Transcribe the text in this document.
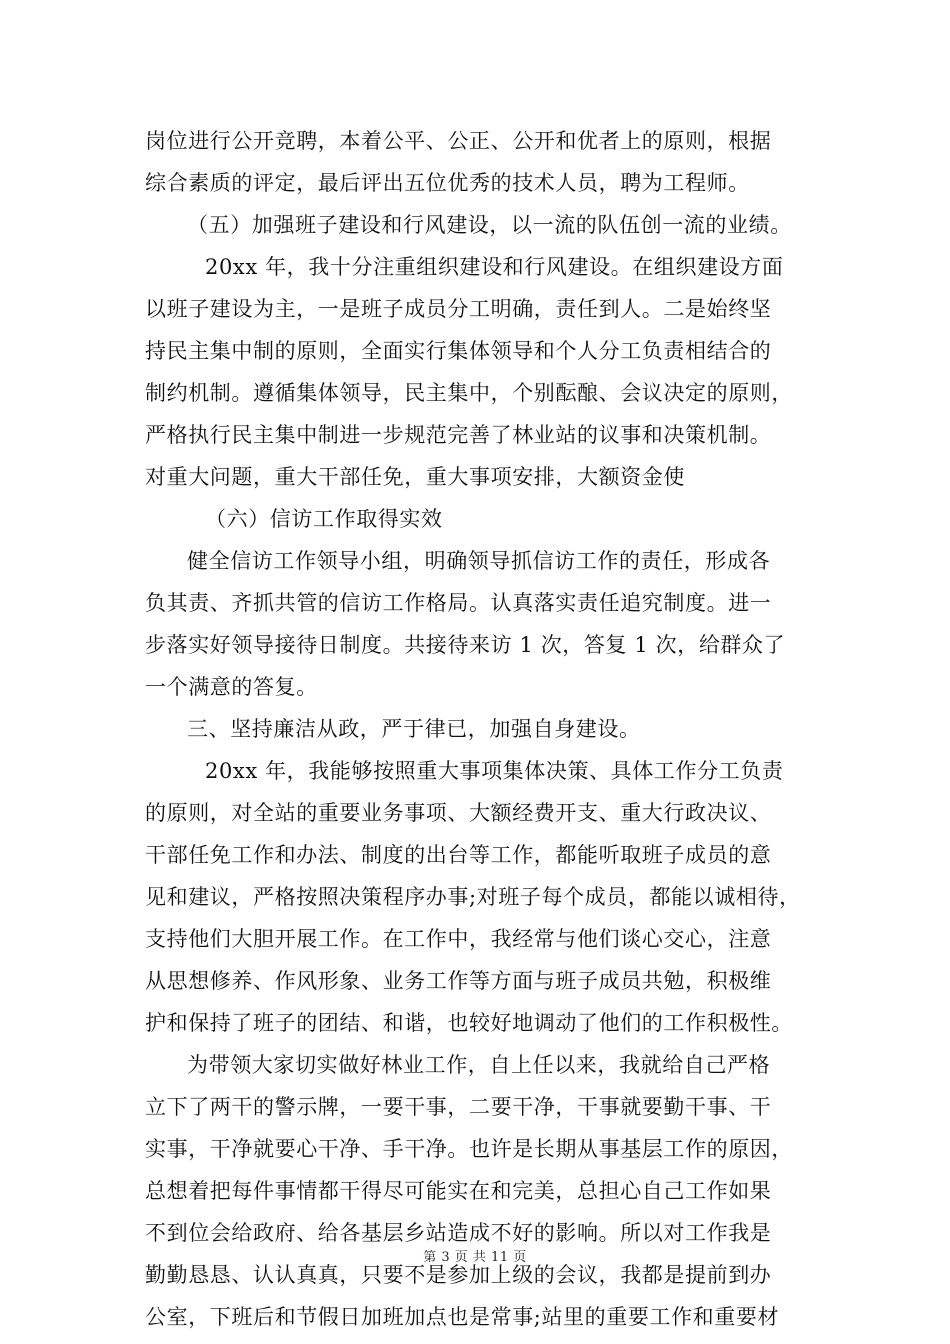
岗位进行公开竞聘，本着公平、公正、公开和优者上的原则，根据
综合素质的评定，最后评出五位优秀的技术人员，聘为工程师。
（五）加强班子建设和行风建设，以一流的队伍创一流的业绩。
20xx 年，我十分注重组织建设和行风建设。在组织建设方面
以班子建设为主，一是班子成员分工明确，责任到人。二是始终坚
持民主集中制的原则，全面实行集体领导和个人分工负责相结合的
制约机制。遵循集体领导，民主集中，个别酝酿、会议决定的原则，
严格执行民主集中制进一步规范完善了林业站的议事和决策机制。
对重大问题，重大干部任免，重大事项安排，大额资金使
（六）信访工作取得实效
健全信访工作领导小组，明确领导抓信访工作的责任，形成各
负其责、齐抓共管的信访工作格局。认真落实责任追究制度。进一
步落实好领导接待日制度。共接待来访 1 次，答复 1 次，给群众了
一个满意的答复。
三、坚持廉洁从政，严于律已，加强自身建设。
20xx 年，我能够按照重大事项集体决策、具体工作分工负责
的原则，对全站的重要业务事项、大额经费开支、重大行政决议、
干部任免工作和办法、制度的出台等工作，都能听取班子成员的意
见和建议，严格按照决策程序办事;对班子每个成员，都能以诚相待，
支持他们大胆开展工作。在工作中，我经常与他们谈心交心，注意
从思想修养、作风形象、业务工作等方面与班子成员共勉，积极维
护和保持了班子的团结、和谐，也较好地调动了他们的工作积极性。
为带领大家切实做好林业工作，自上任以来，我就给自己严格
立下了两干的警示牌，一要干事，二要干净，干事就要勤干事、干
实事，干净就要心干净、手干净。也许是长期从事基层工作的原因，
总想着把每件事情都干得尽可能实在和完美，总担心自己工作如果
不到位会给政府、给各基层乡站造成不好的影响。所以对工作我是
勤勤恳恳、认认真真，只要不是参加上级的会议，我都是提前到办
公室，下班后和节假日加班加点也是常事;站里的重要工作和重要材
第 3 页 共 11 页
